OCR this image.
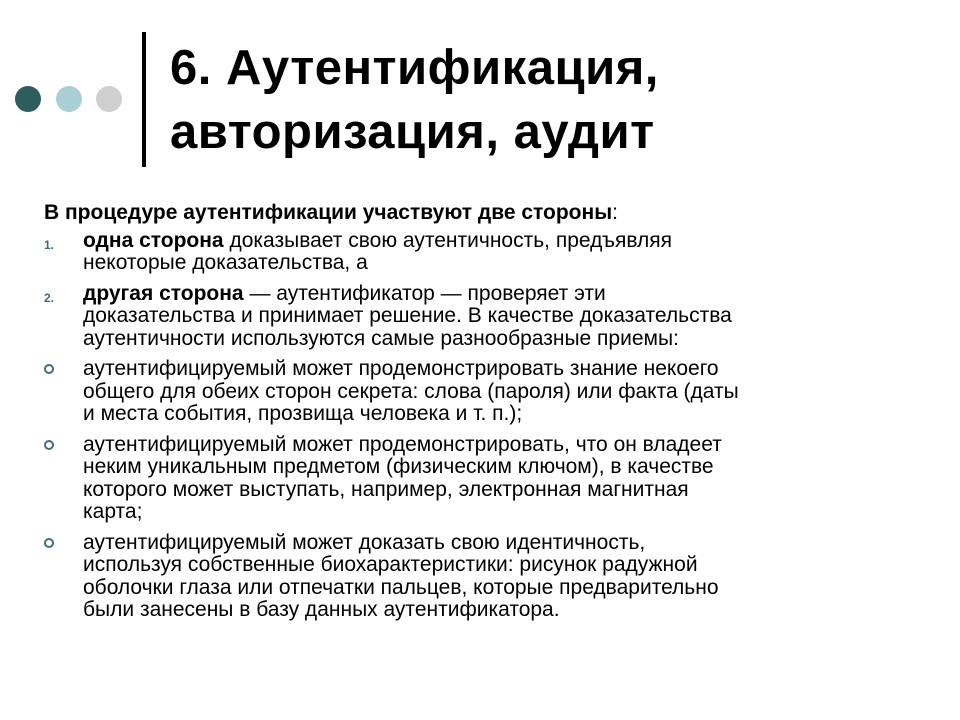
6. Аутентификация,
авторизация, аудит

В процедуре аутентификации участвуют две стороны:

1. одна сторона доказывает свою аутентичность, предъявляя
некоторые доказательства, а
2. другая сторона — аутентификатор — проверяет эти
доказательства и принимает решение. В качестве доказательства
аутентичности используются самые разнообразные приемы:
аутентифицируемый может продемонстрировать знание некоего
общего для обеих сторон секрета: слова (пароля) или факта (даты
и места события, прозвища человека и т. п.);
аутентифицируемый может продемонстрировать, что он владеет
неким уникальным предметом (физическим ключом), в качестве
которого может выступать, например, электронная магнитная
карта;
аутентифицируемый может доказать свою идентичность,
используя собственные биохарактеристики: рисунок радужной
оболочки глаза или отпечатки пальцев, которые предварительно
были занесены в базу данных аутентификатора.
